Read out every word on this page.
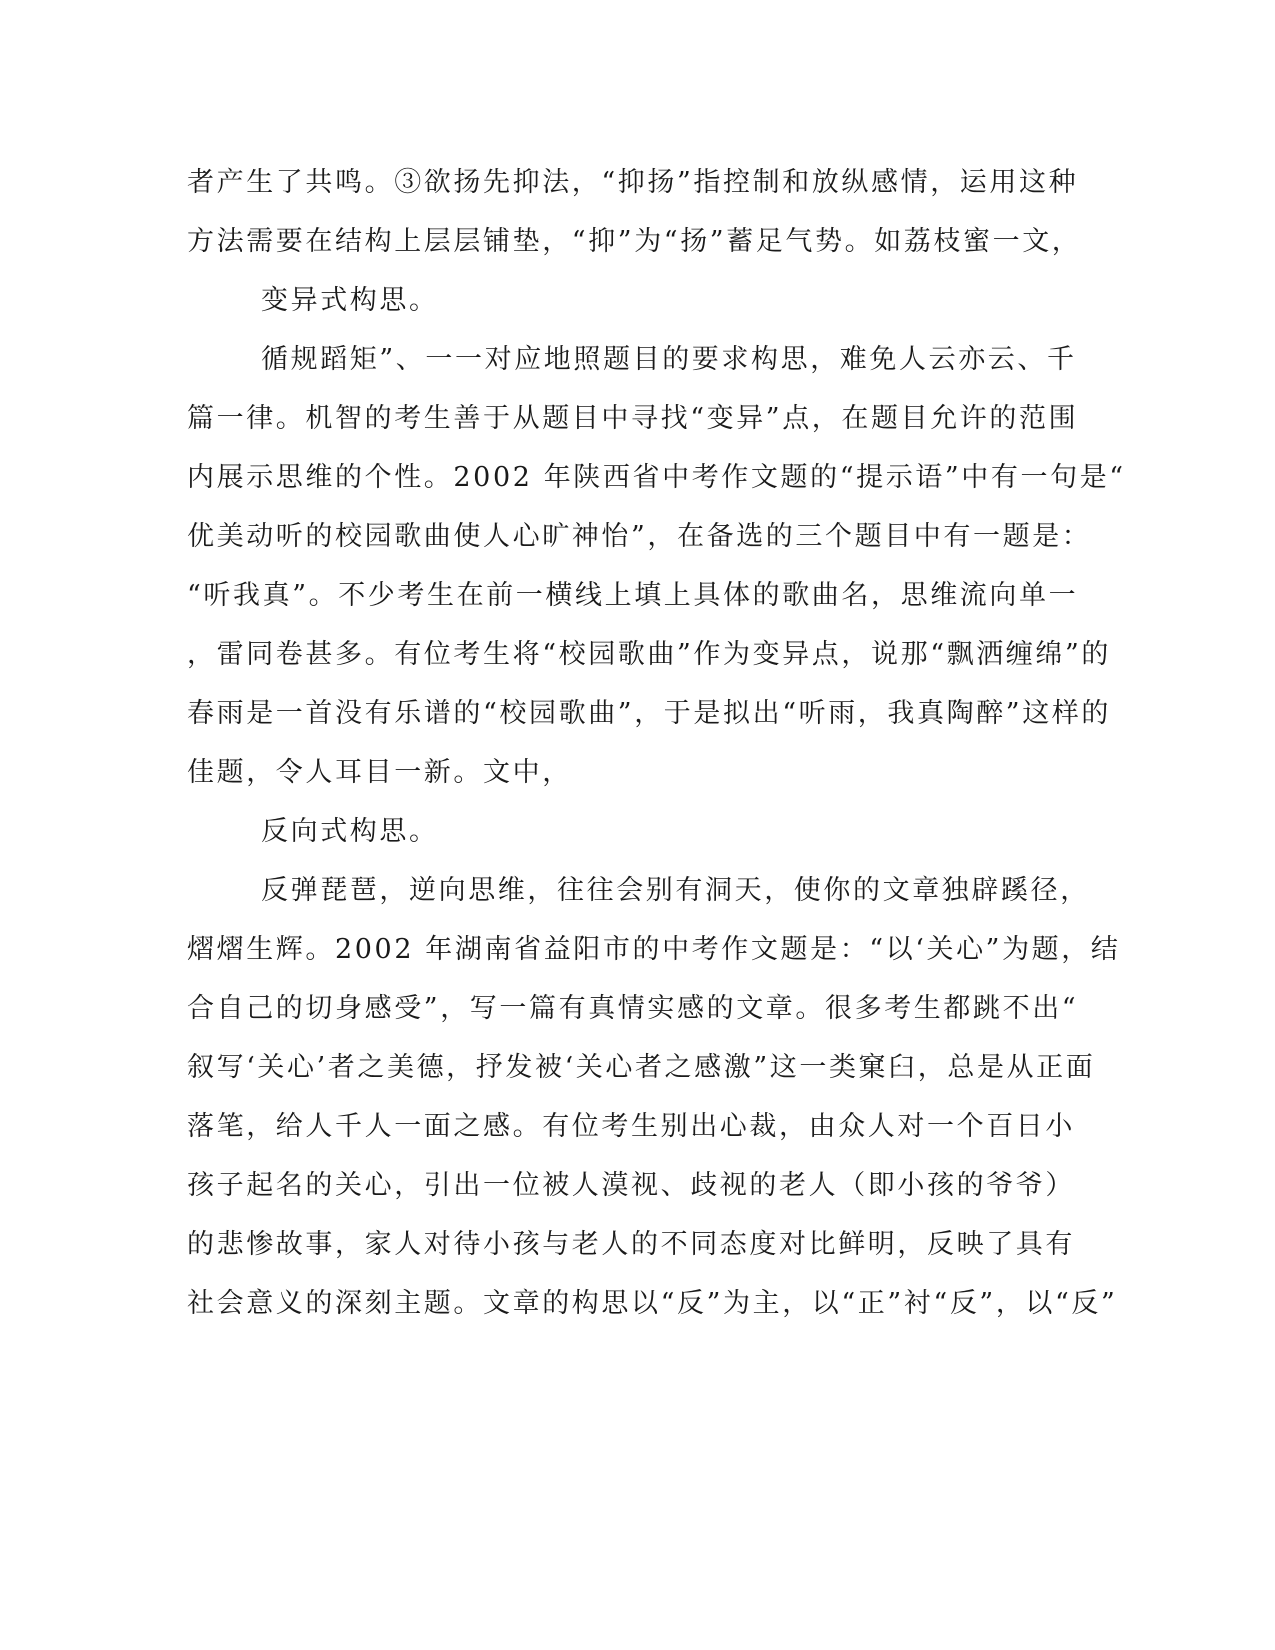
者产生了共鸣。③欲扬先抑法，“抑扬”指控制和放纵感情，运用这种
方法需要在结构上层层铺垫，“抑”为“扬”蓄足气势。如荔枝蜜一文，
变异式构思。
循规蹈矩”、一一对应地照题目的要求构思，难免人云亦云、千
篇一律。机智的考生善于从题目中寻找“变异”点，在题目允许的范围
内展示思维的个性。2002 年陕西省中考作文题的“提示语”中有一句是“
优美动听的校园歌曲使人心旷神怡”，在备选的三个题目中有一题是：
“听我真”。不少考生在前一横线上填上具体的歌曲名，思维流向单一
，雷同卷甚多。有位考生将“校园歌曲”作为变异点，说那“飘洒缠绵”的
春雨是一首没有乐谱的“校园歌曲”，于是拟出“听雨，我真陶醉”这样的
佳题，令人耳目一新。文中，
反向式构思。
反弹琵琶，逆向思维，往往会别有洞天，使你的文章独辟蹊径，
熠熠生辉。2002 年湖南省益阳市的中考作文题是：“以‘关心”为题，结
合自己的切身感受”，写一篇有真情实感的文章。很多考生都跳不出“
叙写‘关心’者之美德，抒发被‘关心者之感激”这一类窠臼，总是从正面
落笔，给人千人一面之感。有位考生别出心裁，由众人对一个百日小
孩子起名的关心，引出一位被人漠视、歧视的老人（即小孩的爷爷）
的悲惨故事，家人对待小孩与老人的不同态度对比鲜明，反映了具有
社会意义的深刻主题。文章的构思以“反”为主，以“正”衬“反”，以“反”
